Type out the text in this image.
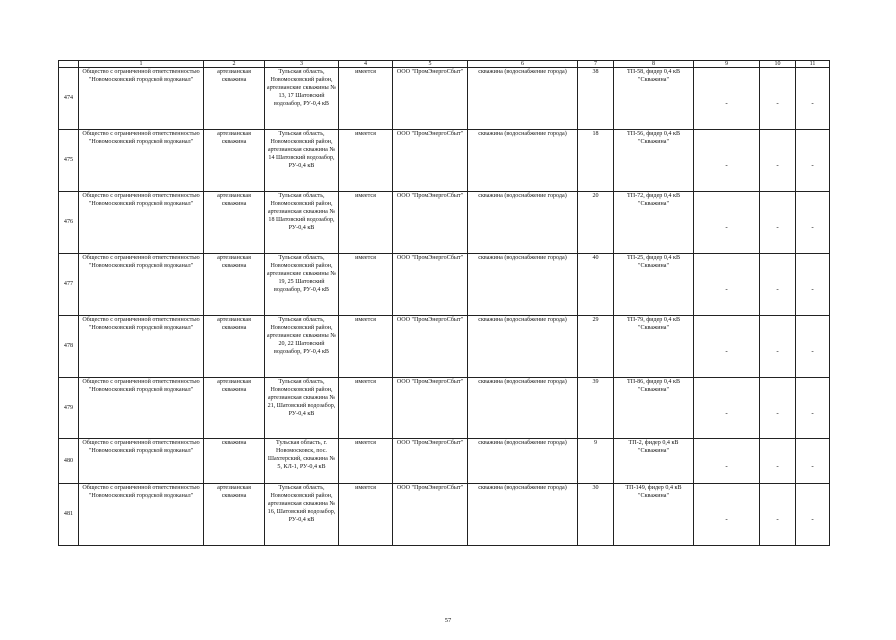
	1	2	3	4	5	6	7	8	9	10	11
474	Общество с ограниченной ответственностью "Новомосковский городской водоканал"	артезианская скважина	Тульская область, Новомосковский район, артезианские скважины № 13, 17 Шатовский водозабор, РУ-0,4 кВ	имеется	ООО "ПромЭнергоСбыт"	скважина (водоснабжение города)	38	ТП-58, фидер 0,4 кВ "Скважина"	-	-	-
475	Общество с ограниченной ответственностью "Новомосковский городской водоканал"	артезианская скважина	Тульская область, Новомосковский район, артезианская скважина № 14 Шатовский водозабор, РУ-0,4 кВ	имеется	ООО "ПромЭнергоСбыт"	скважина (водоснабжение города)	18	ТП-56, фидер 0,4 кВ "Скважина"	-	-	-
476	Общество с ограниченной ответственностью "Новомосковский городской водоканал"	артезианская скважина	Тульская область, Новомосковский район, артезианская скважина № 18 Шатовский водозабор, РУ-0,4 кВ	имеется	ООО "ПромЭнергоСбыт"	скважина (водоснабжение города)	20	ТП-72, фидер 0,4 кВ "Скважина"	-	-	-
477	Общество с ограниченной ответственностью "Новомосковский городской водоканал"	артезианская скважина	Тульская область, Новомосковский район, артезианские скважины № 19, 25 Шатовский водозабор, РУ-0,4 кВ	имеется	ООО "ПромЭнергоСбыт"	скважина (водоснабжение города)	40	ТП-25, фидер 0,4 кВ "Скважина"	-	-	-
478	Общество с ограниченной ответственностью "Новомосковский городской водоканал"	артезианская скважина	Тульская область, Новомосковский район, артезианские скважины № 20, 22 Шатовский водозабор, РУ-0,4 кВ	имеется	ООО "ПромЭнергоСбыт"	скважина (водоснабжение города)	29	ТП-79, фидер 0,4 кВ "Скважина"	-	-	-
479	Общество с ограниченной ответственностью "Новомосковский городской водоканал"	артезианская скважина	Тульская область, Новомосковский район, артезианская скважина № 21, Шатовский водозабор, РУ-0,4 кВ	имеется	ООО "ПромЭнергоСбыт"	скважина (водоснабжение города)	39	ТП-86, фидер 0,4 кВ "Скважина"	-	-	-
480	Общество с ограниченной ответственностью "Новомосковский городской водоканал"	скважина	Тульская область, г. Новомосковск, пос. Шахтерский, скважина № 5, КЛ-1, РУ-0,4 кВ	имеется	ООО "ПромЭнергоСбыт"	скважина (водоснабжение города)	9	ТП-2, фидер 0,4 кВ "Скважина"	-	-	-
481	Общество с ограниченной ответственностью "Новомосковский городской водоканал"	артезианская скважина	Тульская область, Новомосковский район, артезианская скважина № 16, Шатовский водозабор, РУ-0,4 кВ	имеется	ООО "ПромЭнергоСбыт"	скважина (водоснабжение города)	30	ТП-149, фидер 0,4 кВ "Скважина"	-	-	-
57
